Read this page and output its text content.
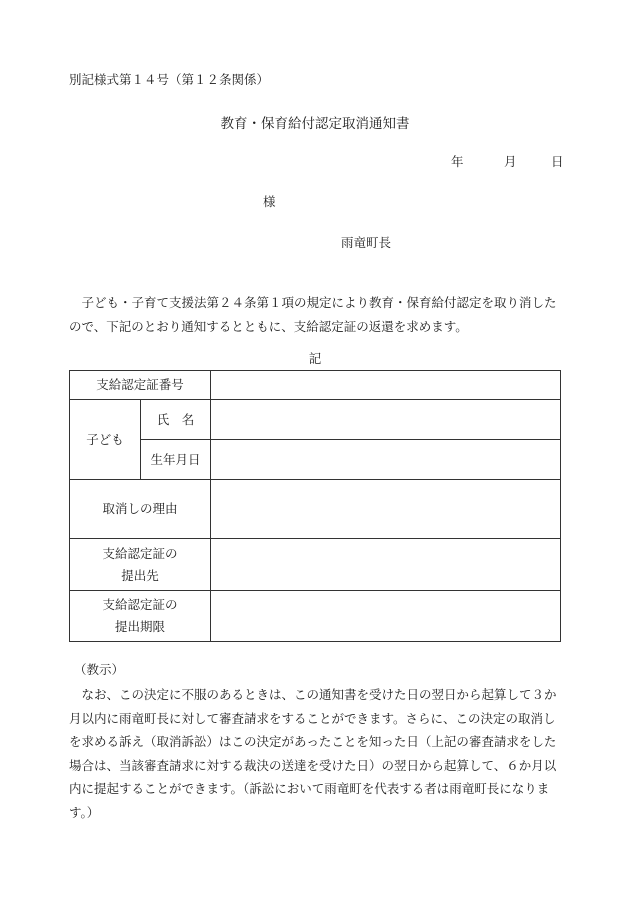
別記様式第１４号（第１２条関係）
教育・保育給付認定取消通知書
年	月	日
様
雨竜町長
子ども・子育て支援法第２４条第１項の規定により教育・保育給付認定を取り消したので、下記のとおり通知するとともに、支給認定証の返還を求めます。
記
支給認定証番号		
子ども	氏　名	
	生年月日	
取消しの理由		

支給認定証の
提出先		

支給認定証の
提出期限		

（教示）
なお、この決定に不服のあるときは、この通知書を受けた日の翌日から起算して３か月以内に雨竜町長に対して審査請求をすることができます。さらに、この決定の取消しを求める訴え（取消訴訟）はこの決定があったことを知った日（上記の審査請求をした場合は、当該審査請求に対する裁決の送達を受けた日）の翌日から起算して、６か月以内に提起することができます。（訴訟において雨竜町を代表する者は雨竜町長になります。）
